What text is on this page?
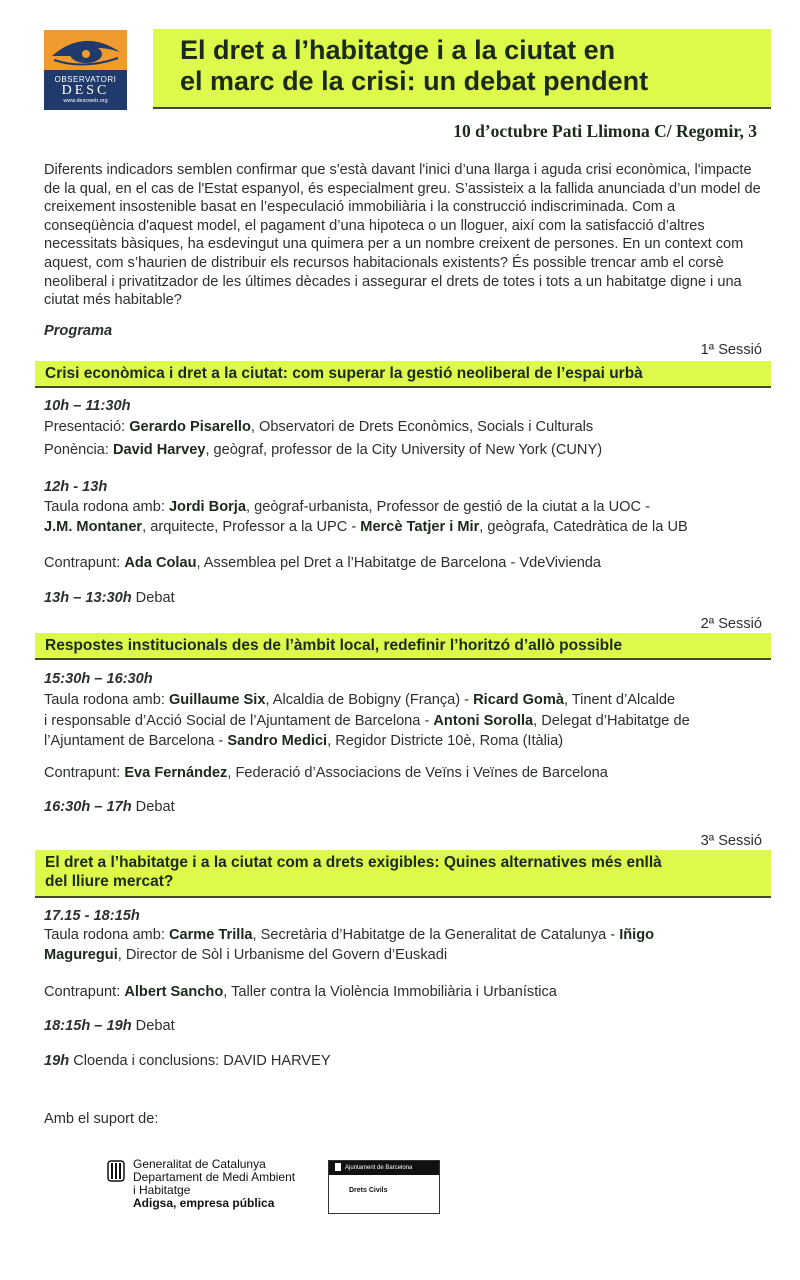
OBSERVATORI
DESC
www.descweb.org
El dret a l’habitatge i a la ciutat en
el marc de la crisi: un debat pendent
10 d’octubre Pati Llimona C/ Regomir, 3
Diferents indicadors semblen confirmar que s'està davant l'inici d’una llarga i aguda crisi econòmica, l'impacte de la qual, en el cas de l'Estat espanyol, és especialment greu. S’assisteix a la fallida anunciada d’un model de creixement insostenible basat en l’especulació immobiliària i la construcció indiscriminada. Com a conseqüència d'aquest model, el pagament d’una hipoteca o un lloguer, així com la satisfacció d’altres necessitats bàsiques, ha esdevingut una quimera per a un nombre creixent de persones. En un context com aquest, com s’haurien de distribuir els recursos habitacionals existents? És possible trencar amb el corsè neoliberal i privatitzador de les últimes dècades i assegurar el drets de totes i tots a un habitatge digne i una ciutat més habitable?
Programa
1ª Sessió
Crisi econòmica i dret a la ciutat: com superar la gestió neoliberal de l’espai urbà
10h – 11:30h
Presentació: Gerardo Pisarello, Observatori de Drets Econòmics, Socials i Culturals
Ponència: David Harvey, geògraf, professor de la City University of New York (CUNY)
12h - 13h
Taula rodona amb: Jordi Borja, geògraf-urbanista, Professor de gestió de la ciutat a la UOC -
J.M. Montaner, arquitecte, Professor a la UPC - Mercè Tatjer i Mir, geògrafa, Catedràtica de la UB
Contrapunt: Ada Colau, Assemblea pel Dret a l’Habitatge de Barcelona - VdeVivienda
13h – 13:30h Debat
2ª Sessió
Respostes institucionals des de l’àmbit local, redefinir l’horitzó d’allò possible
15:30h – 16:30h
Taula rodona amb: Guillaume Six, Alcaldia de Bobigny (França) - Ricard Gomà, Tinent d’Alcalde
i responsable d’Acció Social de l’Ajuntament de Barcelona - Antoni Sorolla, Delegat d’Habitatge de
l’Ajuntament de Barcelona - Sandro Medici, Regidor Districte 10è, Roma (Itàlia)
Contrapunt: Eva Fernández, Federació d’Associacions de Veïns i Veïnes de Barcelona
16:30h – 17h Debat
3ª Sessió
El dret a l’habitatge i a la ciutat com a drets exigibles: Quines alternatives més enllà
del lliure mercat?
17.15 - 18:15h
Taula rodona amb: Carme Trilla, Secretària d’Habitatge de la Generalitat de Catalunya - Iñigo
Maguregui, Director de Sòl i Urbanisme del Govern d’Euskadi
Contrapunt: Albert Sancho, Taller contra la Violència Immobiliària i Urbanística
18:15h – 19h Debat
19h Cloenda i conclusions: DAVID HARVEY
Amb el suport de:
Generalitat de Catalunya
Departament de Medi Ambient
i Habitatge
Adigsa, empresa pública
Ajuntament de Barcelona
Drets Civils
